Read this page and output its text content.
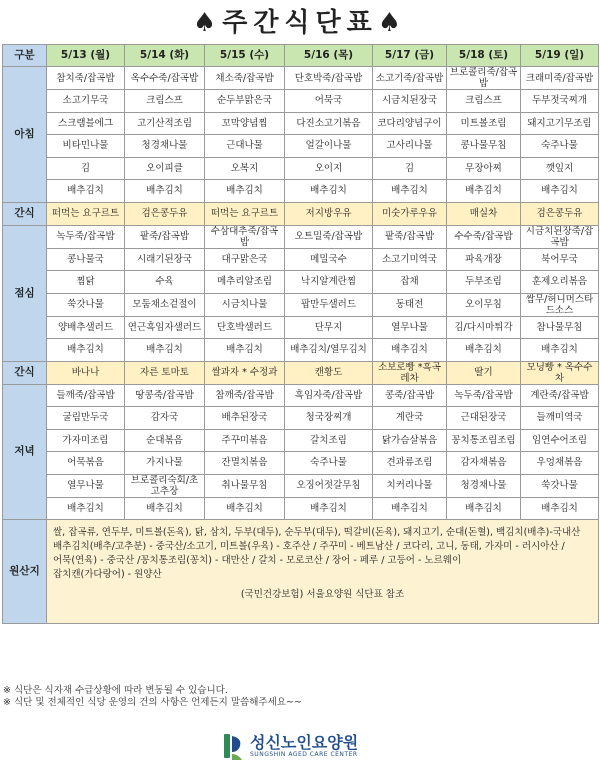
♠주간식단표♠
구분	5/13 (월)	5/14 (화)	5/15 (수)	5/16 (목)	5/17 (금)	5/18 (토)	5/19 (일)
아침	참치죽/잡곡밥	옥수수죽/잡곡밥	채소죽/잡곡밥	단호박죽/잡곡밥	소고기죽/잡곡밥	브로콜리죽/잡곡밥	크래미죽/잡곡밥
	소고기무국	크림스프	순두부맑은국	어묵국	시금치된장국	크림스프	두부젓국찌개
	스크램블에그	고기산적조림	꼬막양념찜	다진소고기볶음	코다리양념구이	미트볼조림	돼지고기무조림
	비타민나물	청경채나물	근대나물	얼갈이나물	고사리나물	콩나물무침	숙주나물
	김	오이피클	오복지	오이지	김	무장아찌	깻잎지
	배추김치	배추김치	배추김치	배추김치	배추김치	배추김치	배추김치
간식	떠먹는 요구르트	검은콩두유	떠먹는 요구르트	저지방우유	미숫가루우유	매실차	검은콩두유
점심	녹두죽/잡곡밥	팥죽/잡곡밥	수삼대추죽/잡곡밥	오트밀죽/잡곡밥	팥죽/잡곡밥	수수죽/잡곡밥	시금치된장죽/잡곡밥
	콩나물국	시래기된장국	대구맑은국	메밀국수	소고기미역국	파육개장	북어무국
	찜닭	수육	메추리알조림	낙지알계란찜	잡채	두부조림	훈제오리볶음
	쑥갓나물	모둠채소겉절이	시금치나물	팝만두샐러드	동태전	오이무침	쌈무/허니머스타드소스
	양배추샐러드	연근흑임자샐러드	단호박샐러드	단무지	열무나물	김/다시마튀각	참나물무침
	배추김치	배추김치	배추김치	배추김치/열무김치	배추김치	배추김치	배추김치
간식	바나나	자른 토마토	쌀과자 * 수정과	캔황도	소보로빵 *흑곡레차	딸기	모닝빵 * 옥수수차
저녁	들깨죽/잡곡밥	땅콩죽/잡곡밥	참깨죽/잡곡밥	흑임자죽/잡곡밥	콩죽/잡곡밥	녹두죽/잡곡밥	계란죽/잡곡밥
	굴림만두국	감자국	배추된장국	청국장찌개	계란국	근대된장국	들깨미역국
	가자미조림	순대볶음	주꾸미볶음	갈치조림	닭가슴살볶음	꽁치통조림조림	임연수어조림
	어묵볶음	가지나물	잔멸치볶음	숙주나물	견과류조림	감자채볶음	우엉채볶음
	열무나물	브로콜리숙회/초고추장	취나물무침	오징어젓갈무침	치커리나물	청경채나물	쑥갓나물
	배추김치	배추김치	배추김치	배추김치	배추김치	배추김치	배추김치
원산지	쌀, 잡곡류, 연두부, 미트볼(돈육), 닭, 삼치, 두부(대두), 순두부(대두), 떡갈비(돈육), 돼지고기, 순대(돈혈), 백김치(배추)-국내산
배추김치(배추/고추분) - 중국산/소고기, 미트볼(우육) - 호주산 / 주꾸미 - 베트남산 / 코다리, 고니, 동태, 가자미 - 러시아산 /
어묵(연육) - 중국산 /꽁치통조림(꽁치) - 대만산 / 갈치 - 모로코산 / 장어 - 페루 / 고등어 - 노르웨이
잡치캔(가다랑어) - 원양산
(국민건강보험) 서울요양원 식단표 참조						
※ 식단은 식자재 수급상황에 따라 변동될 수 있습니다.
※ 식단 및 전체적인 식당 운영의 건의 사항은 언제든지 말씀해주세요~~
성신노인요양원
SUNGSHIN AGED CARE CENTER
